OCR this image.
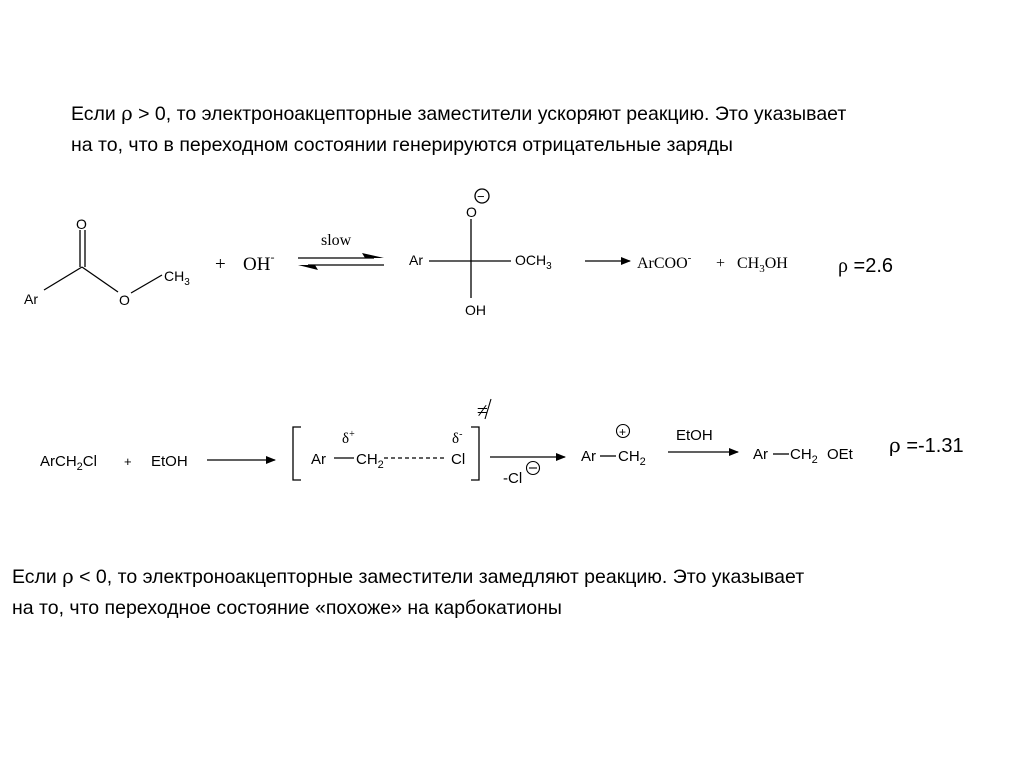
Если ρ > 0, то электроноакцепторные заместители ускоряют реакцию. Это указывает
на то, что в переходном состоянии генерируются отрицательные заряды
Если ρ < 0, то электроноакцепторные заместители замедляют реакцию. Это указывает
на то, что переходное состояние «похоже» на карбокатионы
O
Ar	O
$CH_3$
+ OH-
slow
O
−
Ar	$OCH_3$
OH
ArCOO- + $CH_3OH$	ρ =2.6
ArCH$_2$Cl + EtOH
δ+	δ-
Ar $CH_2$	Cl
≠
-Cl
+
Ar $CH_2$
EtOH
Ar $CH_2$ OEt ρ =-1.31
